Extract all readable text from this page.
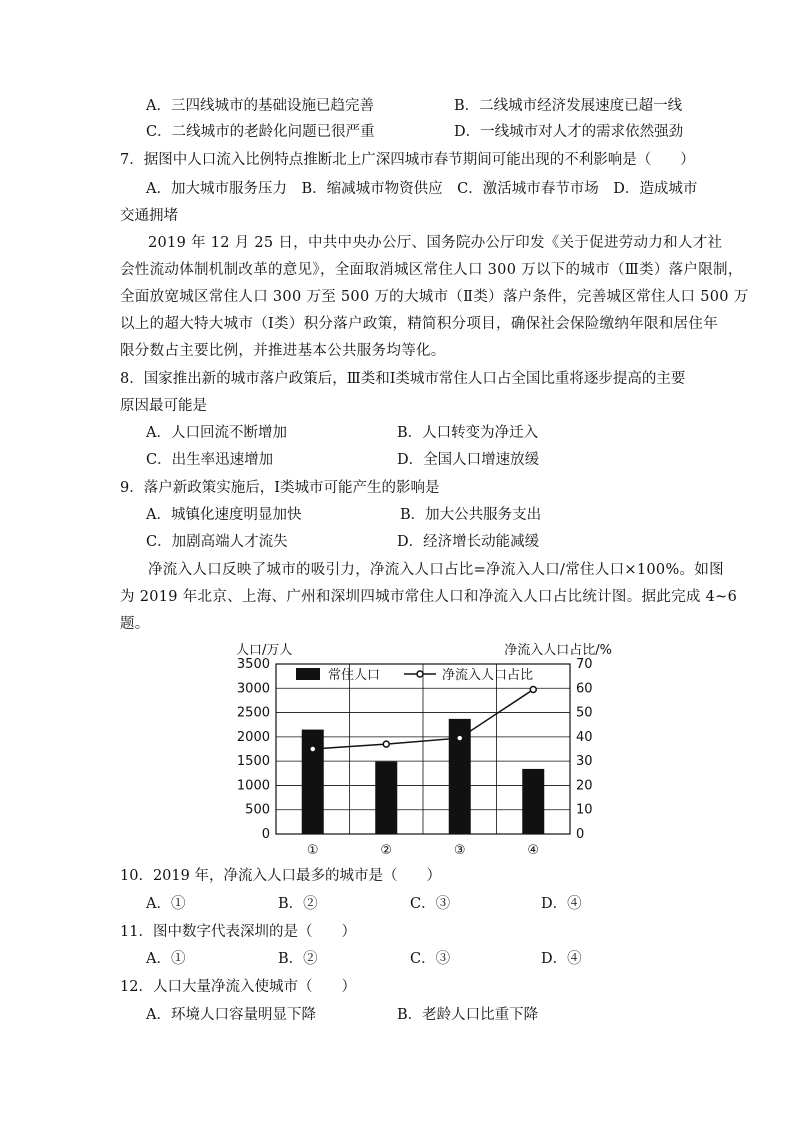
A．三四线城市的基础设施已趋完善	B．二线城市经济发展速度已超一线
C．二线城市的老龄化问题已很严重	D．一线城市对人才的需求依然强劲
7．据图中人口流入比例特点推断北上广深四城市春节期间可能出现的不利影响是（　　）
A．加大城市服务压力　B．缩减城市物资供应　C．激活城市春节市场　D．造成城市
交通拥堵
2019 年 12 月 25 日，中共中央办公厅、国务院办公厅印发《关于促进劳动力和人才社
会性流动体制机制改革的意见》，全面取消城区常住人口 300 万以下的城市（Ⅲ类）落户限制，
全面放宽城区常住人口 300 万至 500 万的大城市（Ⅱ类）落户条件，完善城区常住人口 500 万
以上的超大特大城市（Ⅰ类）积分落户政策，精简积分项目，确保社会保险缴纳年限和居住年
限分数占主要比例，并推进基本公共服务均等化。
8．国家推出新的城市落户政策后，Ⅲ类和Ⅰ类城市常住人口占全国比重将逐步提高的主要
原因最可能是
A．人口回流不断增加	B．人口转变为净迁入
C．出生率迅速增加	D．全国人口增速放缓
9．落户新政策实施后，Ⅰ类城市可能产生的影响是
A．城镇化速度明显加快	B．加大公共服务支出
C．加剧高端人才流失	D．经济增长动能减缓
净流入人口反映了城市的吸引力，净流入人口占比=净流入人口/常住人口×100%。如图
为 2019 年北京、上海、广州和深圳四城市常住人口和净流入人口占比统计图。据此完成 4~6
题。
人口/万人	净流入人口占比/%
0
500
1000
1500
2000
2500
3000
3500
0
10
20
30
40
50
60
70
①	②	③	④
常住人口	净流入人口占比
10．2019 年，净流入人口最多的城市是（　　）
A．①	B．②	C．③	D．④
11．图中数字代表深圳的是（　　）
A．①	B．②	C．③	D．④
12．人口大量净流入使城市（　　）
A．环境人口容量明显下降	B．老龄人口比重下降
